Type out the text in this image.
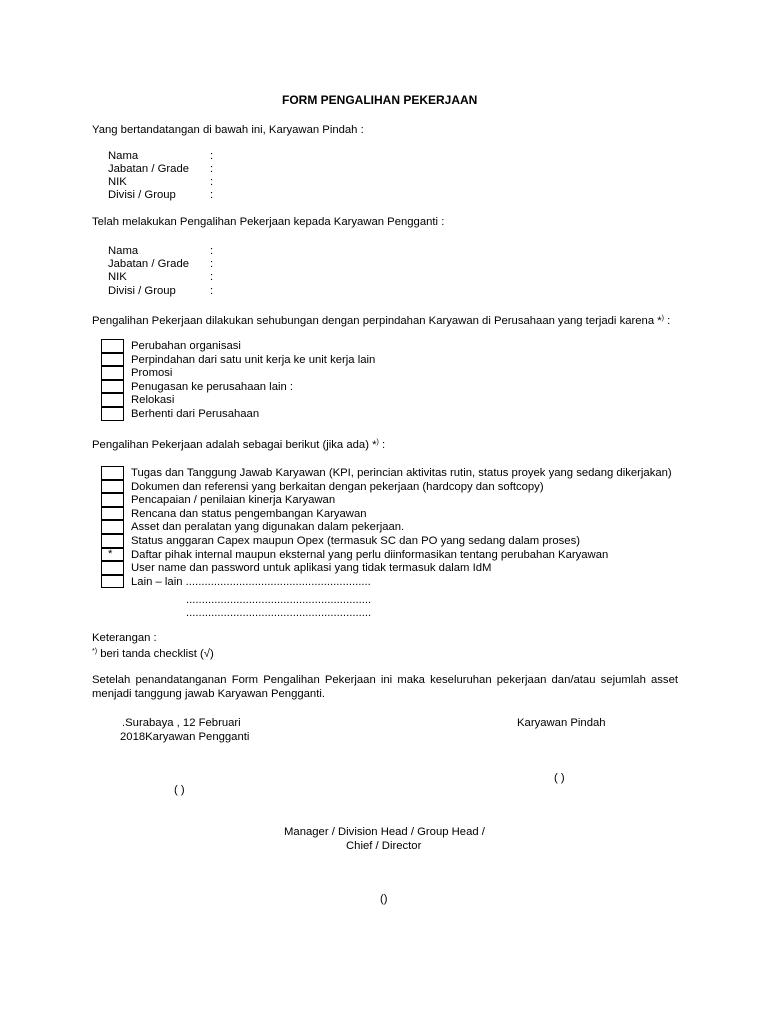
FORM PENGALIHAN PEKERJAAN
Yang bertandatangan di bawah ini, Karyawan Pindah :
Nama	:
Jabatan / Grade :
NIK	:
Divisi / Group	:
Telah melakukan Pengalihan Pekerjaan kepada Karyawan Pengganti :
Nama	:
Jabatan / Grade :
NIK	:
Divisi / Group	:
Pengalihan Pekerjaan dilakukan sehubungan dengan perpindahan Karyawan di Perusahaan yang terjadi karena *) :
Perubahan organisasi
Perpindahan dari satu unit kerja ke unit kerja lain
Promosi
Penugasan ke perusahaan lain :
Relokasi
Berhenti dari Perusahaan
Pengalihan Pekerjaan adalah sebagai berikut (jika ada) *) :
Tugas dan Tanggung Jawab Karyawan (KPI, perincian aktivitas rutin, status proyek yang sedang dikerjakan)
Dokumen dan referensi yang berkaitan dengan pekerjaan (hardcopy dan softcopy)
Pencapaian / penilaian kinerja Karyawan
Rencana dan status pengembangan Karyawan
Asset dan peralatan yang digunakan dalam pekerjaan.
Status anggaran Capex maupun Opex (termasuk SC dan PO yang sedang dalam proses)
* Daftar pihak internal maupun eksternal yang perlu diinformasikan tentang perubahan Karyawan
User name dan password untuk aplikasi yang tidak termasuk dalam IdM
Lain – lain ...........................................................
...........................................................
...........................................................
Keterangan :
*) beri tanda checklist (√)
Setelah penandatanganan Form Pengalihan Pekerjaan ini maka keseluruhan pekerjaan dan/atau sejumlah asset menjadi tanggung jawab Karyawan Pengganti.
.Surabaya , 12 Februari
2018Karyawan Pengganti
Karyawan Pindah
( )
( )
Manager / Division Head / Group Head /
Chief / Director
()
